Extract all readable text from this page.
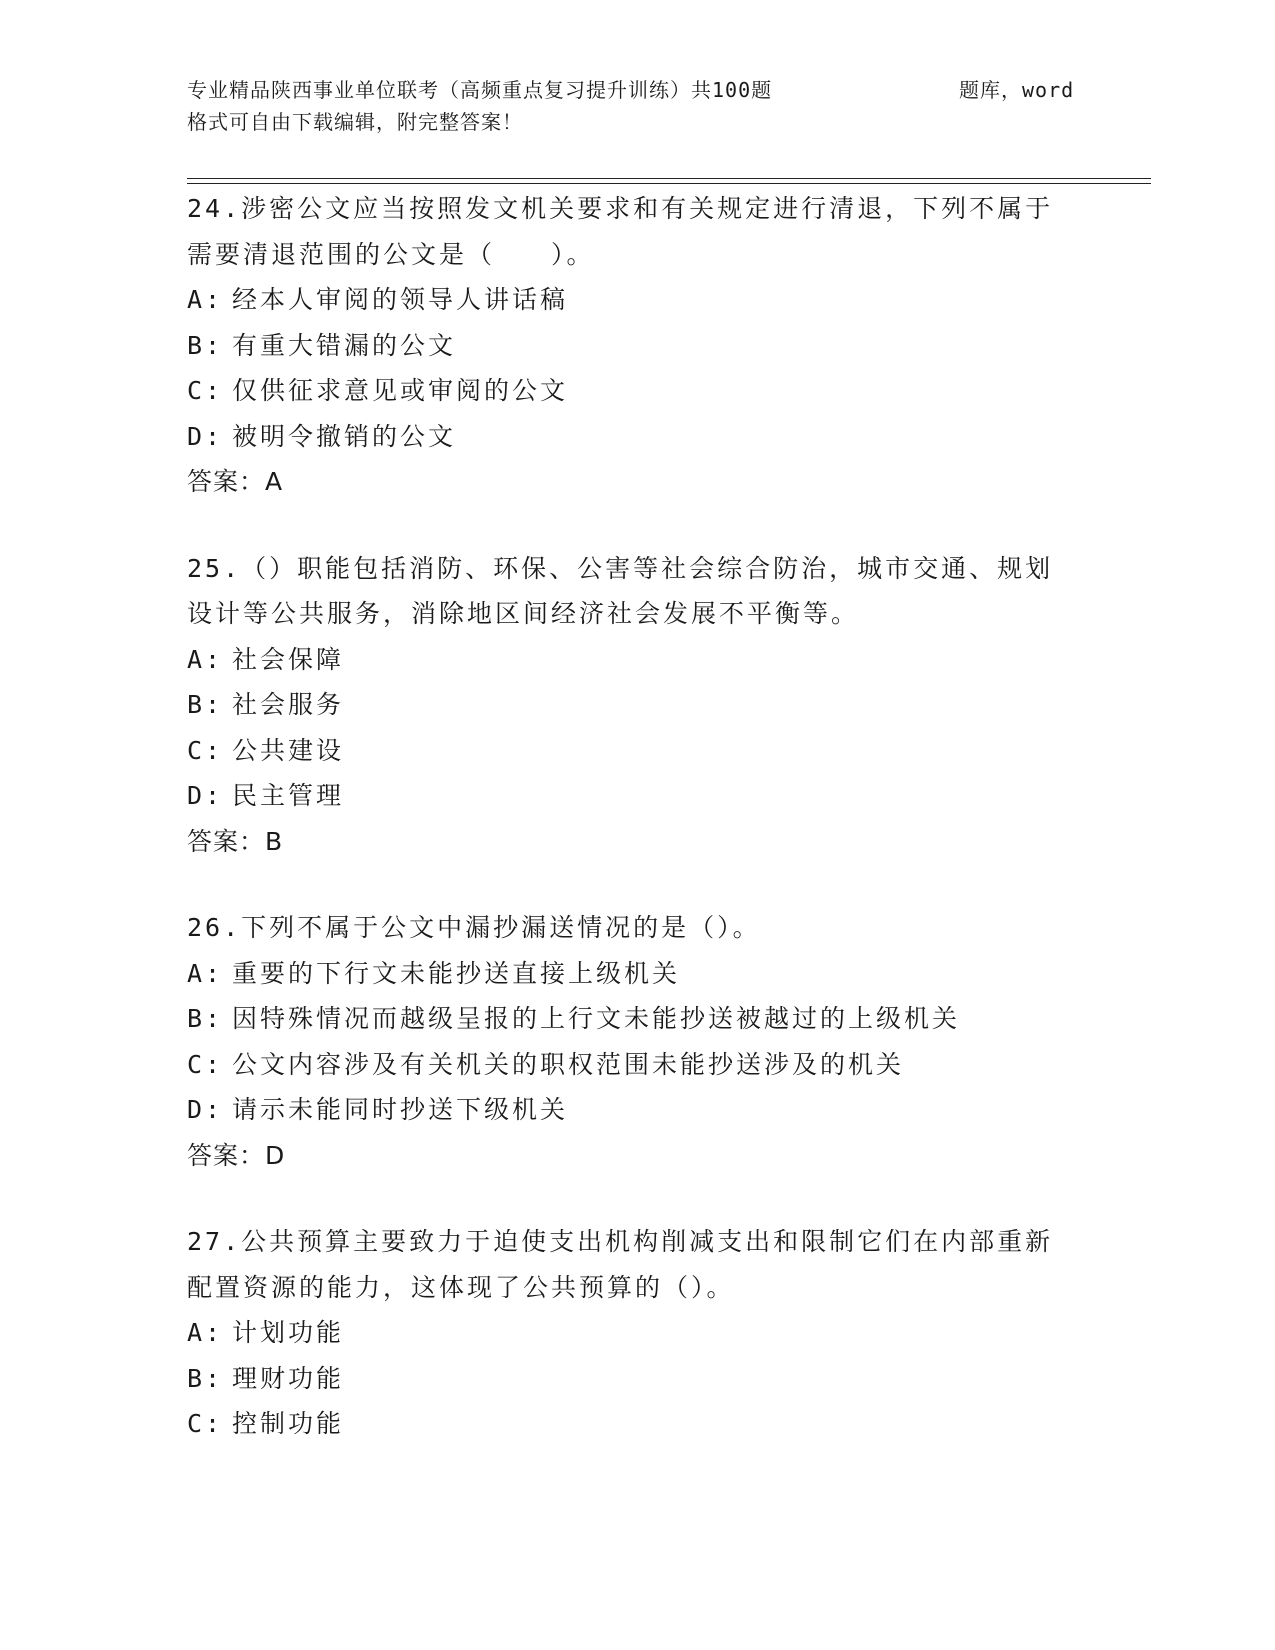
专业精品陕西事业单位联考（高频重点复习提升训练）共100题	题库，word
格式可自由下载编辑，附完整答案！
24.涉密公文应当按照发文机关要求和有关规定进行清退，下列不属于
需要清退范围的公文是（　　）。
A: 经本人审阅的领导人讲话稿
B: 有重大错漏的公文
C: 仅供征求意见或审阅的公文
D: 被明令撤销的公文
答案：A
25.（）职能包括消防、环保、公害等社会综合防治，城市交通、规划
设计等公共服务，消除地区间经济社会发展不平衡等。
A: 社会保障
B: 社会服务
C: 公共建设
D: 民主管理
答案：B
26.下列不属于公文中漏抄漏送情况的是（）。
A: 重要的下行文未能抄送直接上级机关
B: 因特殊情况而越级呈报的上行文未能抄送被越过的上级机关
C: 公文内容涉及有关机关的职权范围未能抄送涉及的机关
D: 请示未能同时抄送下级机关
答案：D
27.公共预算主要致力于迫使支出机构削减支出和限制它们在内部重新
配置资源的能力，这体现了公共预算的（）。
A: 计划功能
B: 理财功能
C: 控制功能
